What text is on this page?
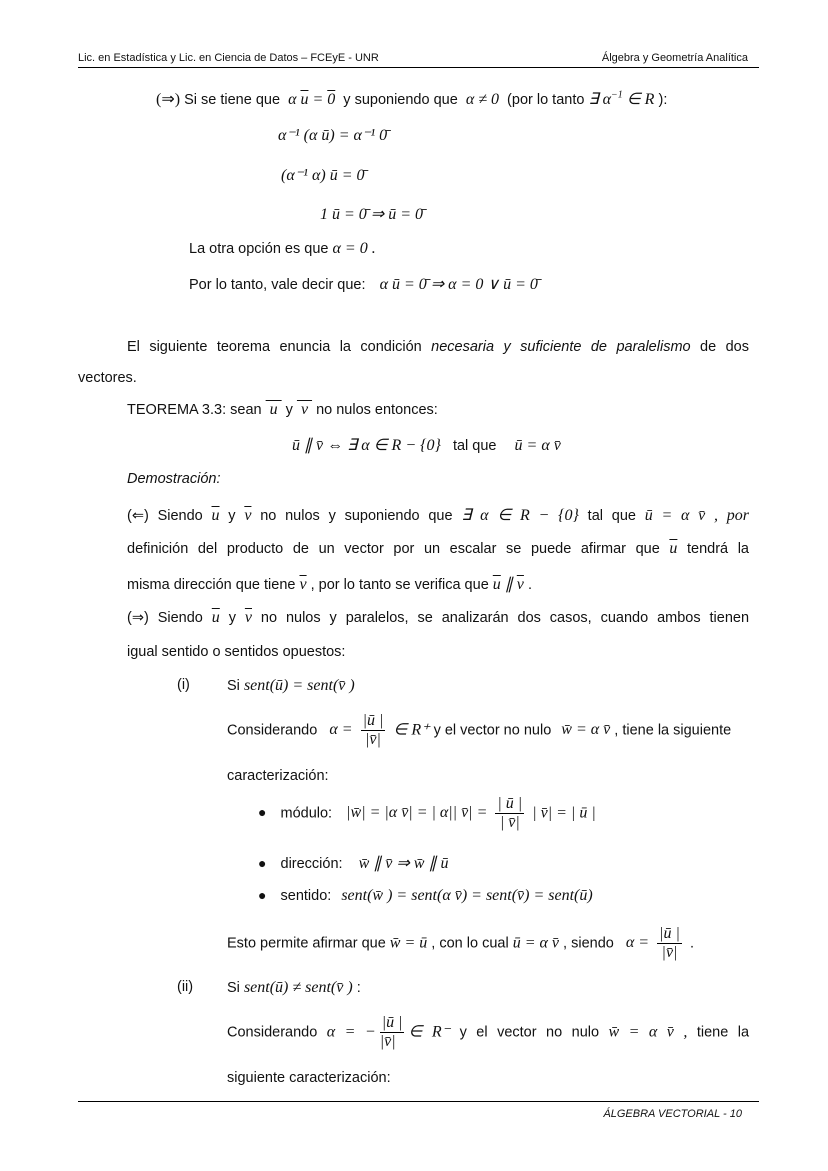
Lic. en Estadística y Lic. en Ciencia de Datos – FCEyE - UNR	Álgebra y Geometría Analítica
(⇒) Si se tiene que  α $\overline{u} = 0$ y suponiendo que  α ≠ 0  (por lo tanto ∃ $\alpha^{-1}$ ∈ R ):
α⁻¹ (α ū) = α⁻¹ 0̄
(α⁻¹ α) ū = 0̄
1 ū = 0̄ ⇒ ū = 0̄
La otra opción es que α = 0 .
Por lo tanto, vale decir que: α ū = 0̄ ⇒ α = 0 ∨ ū = 0̄
El siguiente teorema enuncia la condición necesaria y suficiente de paralelismo de dos
vectores.
TEOREMA 3.3: sean  u  y  v  no nulos entonces:
ū ∥ v̄ ⇔ ∃ α ∈ R − {0} tal que ū = α v̄
Demostración:
(⇐) Siendo $\overline{u}$ y $\overline{v}$ no nulos y suponiendo que ∃ α ∈ R − {0} tal que ū = α v̄ , por
definición del producto de un vector por un escalar se puede afirmar que $\overline{u}$ tendrá la
misma dirección que tiene $\overline{v}$ , por lo tanto se verifica que $\overline{u}$ ∥ $\overline{v}$ .
(⇒) Siendo $\overline{u}$ y $\overline{v}$ no nulos y paralelos, se analizarán dos casos, cuando ambos tienen
igual sentido o sentidos opuestos:
(i)	Si sent(ū) = sent(v̄ )
Considerando $\alpha = \frac{|ū |}{|v̄|}$ ∈ R⁺ y el vector no nulo w̄ = α v̄ , tiene la siguiente
caracterización:
● módulo: |w̄| = |α v̄| = | α|| v̄| = $\frac{| ū |}{| v̄|}$ | v̄| = | ū |
● dirección: w̄ ∥ v̄ ⇒ w̄ ∥ ū
● sentido: sent(w̄ ) = sent(α v̄) = sent(v̄) = sent(ū)
Esto permite afirmar que w̄ = ū , con lo cual ū = α v̄ , siendo $\alpha = \frac{|ū |}{|v̄|}$ .
(ii) Si sent(ū) ≠ sent(v̄ ) :
Considerando α = − $\frac{|ū |}{|v̄|}$ ∈ R⁻ y el vector no nulo w̄ = α v̄ , tiene la
siguiente caracterización:
ÁLGEBRA VECTORIAL - 10
